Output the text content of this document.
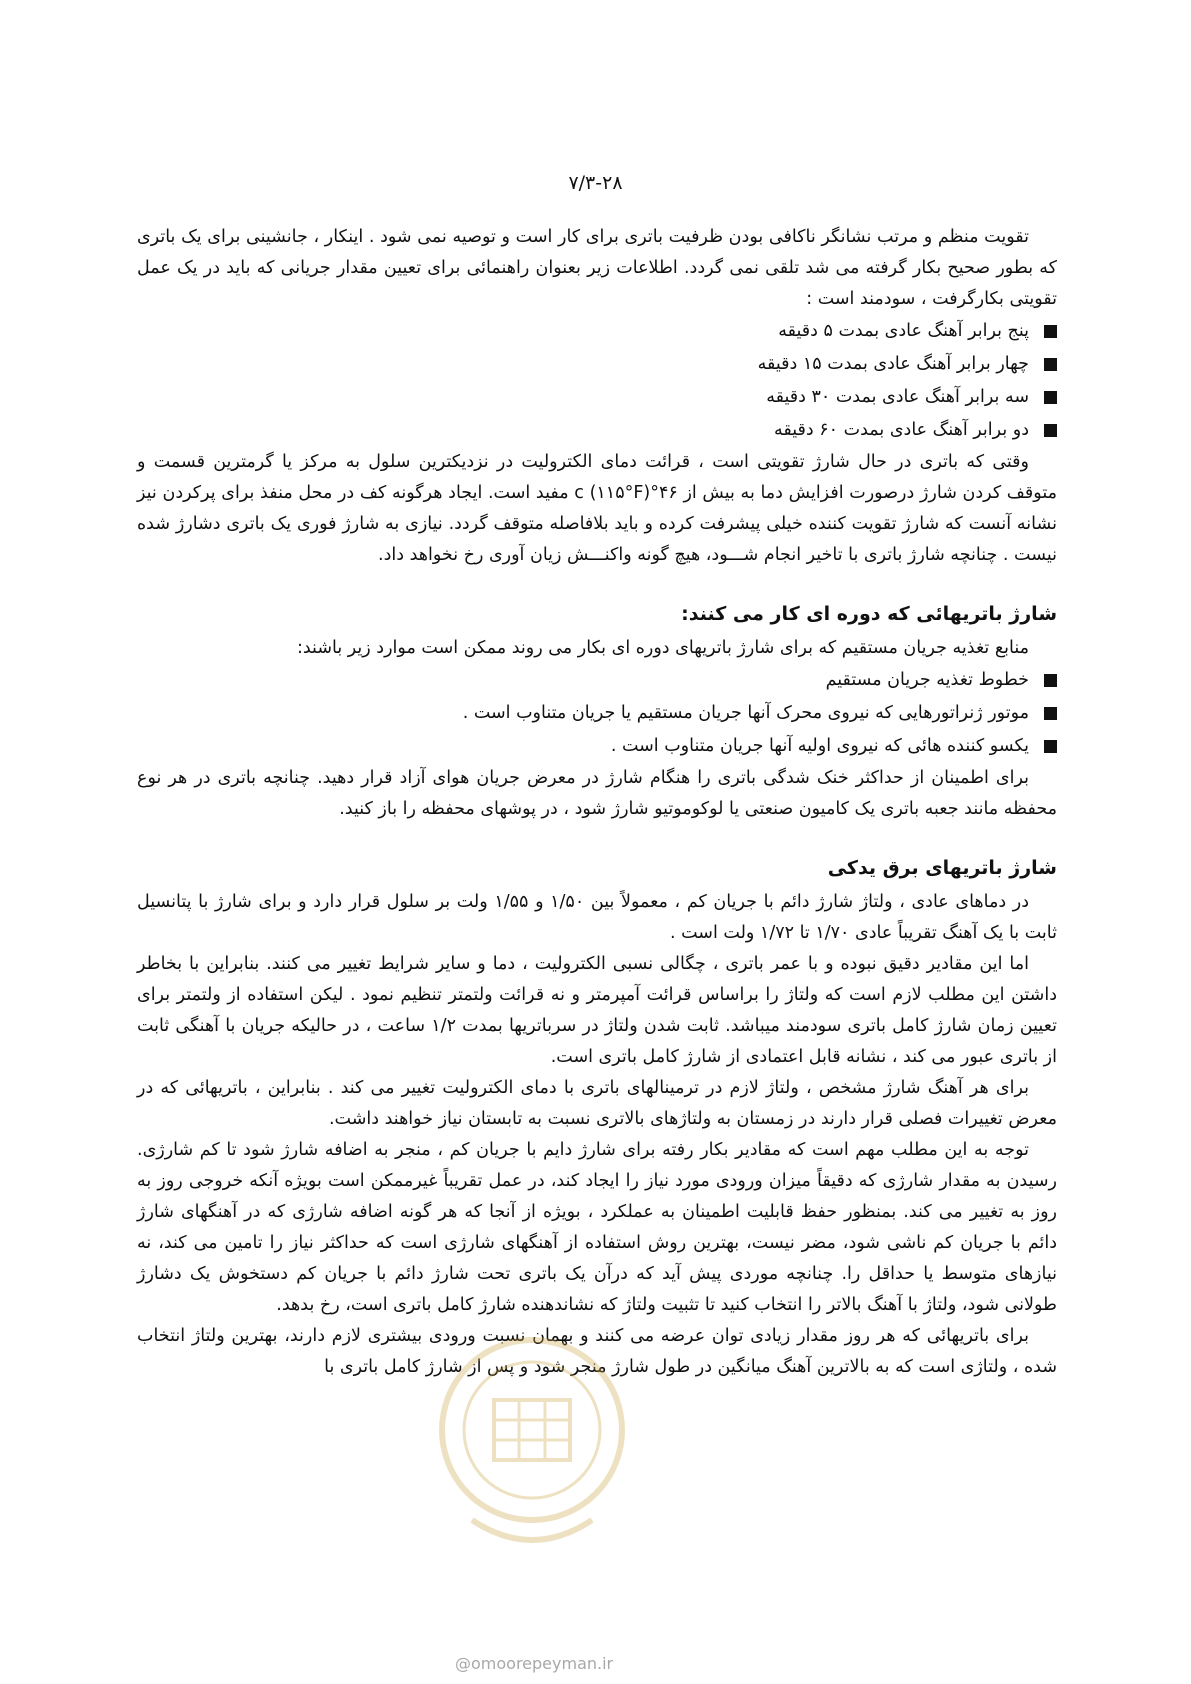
۷/۳-۲۸

تقویت منظم و مرتب نشانگر ناکافی بودن ظرفیت باتری برای کار است و توصیه نمی شود . اینکار ، جانشینی برای یک باتری که بطور صحیح بکار گرفته می شد تلقی نمی گردد. اطلاعات زیر بعنوان راهنمائی برای تعیین مقدار جریانی که باید در یک عمل تقویتی بکارگرفت ، سودمند است :

پنج برابر آهنگ عادی بمدت ۵ دقیقه
چهار برابر آهنگ عادی بمدت ۱۵ دقیقه
سه برابر آهنگ عادی بمدت ۳۰ دقیقه
دو برابر آهنگ عادی بمدت ۶۰ دقیقه

وقتی که باتری در حال شارژ تقویتی است ، قرائت دمای الکترولیت در نزدیکترین سلول به مرکز یا گرمترین قسمت و متوقف کردن شارژ درصورت افزایش دما به بیش از ۴۶°c (۱۱۵°F) مفید است. ایجاد هرگونه کف در محل منفذ برای پرکردن نیز نشانه آنست که شارژ تقویت کننده خیلی پیشرفت کرده و باید بلافاصله متوقف گردد. نیازی به شارژ فوری یک باتری دشارژ شده نیست . چنانچه شارژ باتری با تاخیر انجام شـــود، هیچ گونه واکنـــش زیان آوری رخ نخواهد داد.

شارژ باتریهائی که دوره ای کار می کنند:

منابع تغذیه جریان مستقیم که برای شارژ باتریهای دوره ای بکار می روند ممکن است موارد زیر باشند:

خطوط تغذیه جریان مستقیم
موتور ژنراتورهایی که نیروی محرک آنها جریان مستقیم یا جریان متناوب است .
یکسو کننده هائی که نیروی اولیه آنها جریان متناوب است .

برای اطمینان از حداکثر خنک شدگی باتری را هنگام شارژ در معرض جریان هوای آزاد قرار دهید. چنانچه باتری در هر نوع محفظه مانند جعبه باتری یک کامیون صنعتی یا لوکوموتیو شارژ شود ، در پوشهای محفظه را باز کنید.

شارژ باتریهای برق یدکی

در دماهای عادی ، ولتاژ شارژ دائم با جریان کم ، معمولاً بین ۱/۵۰ و ۱/۵۵ ولت بر سلول قرار دارد و برای شارژ با پتانسیل ثابت با یک آهنگ تقریباً عادی ۱/۷۰ تا ۱/۷۲ ولت است .

اما این مقادیر دقیق نبوده و با عمر باتری ، چگالی نسبی الکترولیت ، دما و سایر شرایط تغییر می کنند. بنابراین با بخاطر داشتن این مطلب لازم است که ولتاژ را براساس قرائت آمپرمتر و نه قرائت ولتمتر تنظیم نمود . لیکن استفاده از ولتمتر برای تعیین زمان شارژ کامل باتری سودمند میباشد. ثابت شدن ولتاژ در سرباتریها بمدت ۱/۲ ساعت ، در حالیکه جریان با آهنگی ثابت از باتری عبور می کند ، نشانه قابل اعتمادی از شارژ کامل باتری است.

برای هر آهنگ شارژ مشخص ، ولتاژ لازم در ترمینالهای باتری با دمای الکترولیت تغییر می کند . بنابراین ، باتریهائی که در معرض تغییرات فصلی قرار دارند در زمستان به ولتاژهای بالاتری نسبت به تابستان نیاز خواهند داشت.

توجه به این مطلب مهم است که مقادیر بکار رفته برای شارژ دایم با جریان کم ، منجر به اضافه شارژ شود تا کم شارژی. رسیدن به مقدار شارژی که دقیقاً میزان ورودی مورد نیاز را ایجاد کند، در عمل تقریباً غیرممکن است بویژه آنکه خروجی روز به روز به تغییر می کند. بمنظور حفظ قابلیت اطمینان به عملکرد ، بویژه از آنجا که هر گونه اضافه شارژی که در آهنگهای شارژ دائم با جریان کم ناشی شود، مضر نیست، بهترین روش استفاده از آهنگهای شارژی است که حداکثر نیاز را تامین می کند، نه نیازهای متوسط یا حداقل را. چنانچه موردی پیش آید که درآن یک باتری تحت شارژ دائم با جریان کم دستخوش یک دشارژ طولانی شود، ولتاژ با آهنگ بالاتر را انتخاب کنید تا تثبیت ولتاژ که نشاندهنده شارژ کامل باتری است، رخ بدهد.

برای باتریهائی که هر روز مقدار زیادی توان عرضه می کنند و بهمان نسبت ورودی بیشتری لازم دارند، بهترین ولتاژ انتخاب شده ، ولتاژی است که به بالاترین آهنگ میانگین در طول شارژ منجر شود و پس از شارژ کامل باتری با

@omoorepeyman.ir
